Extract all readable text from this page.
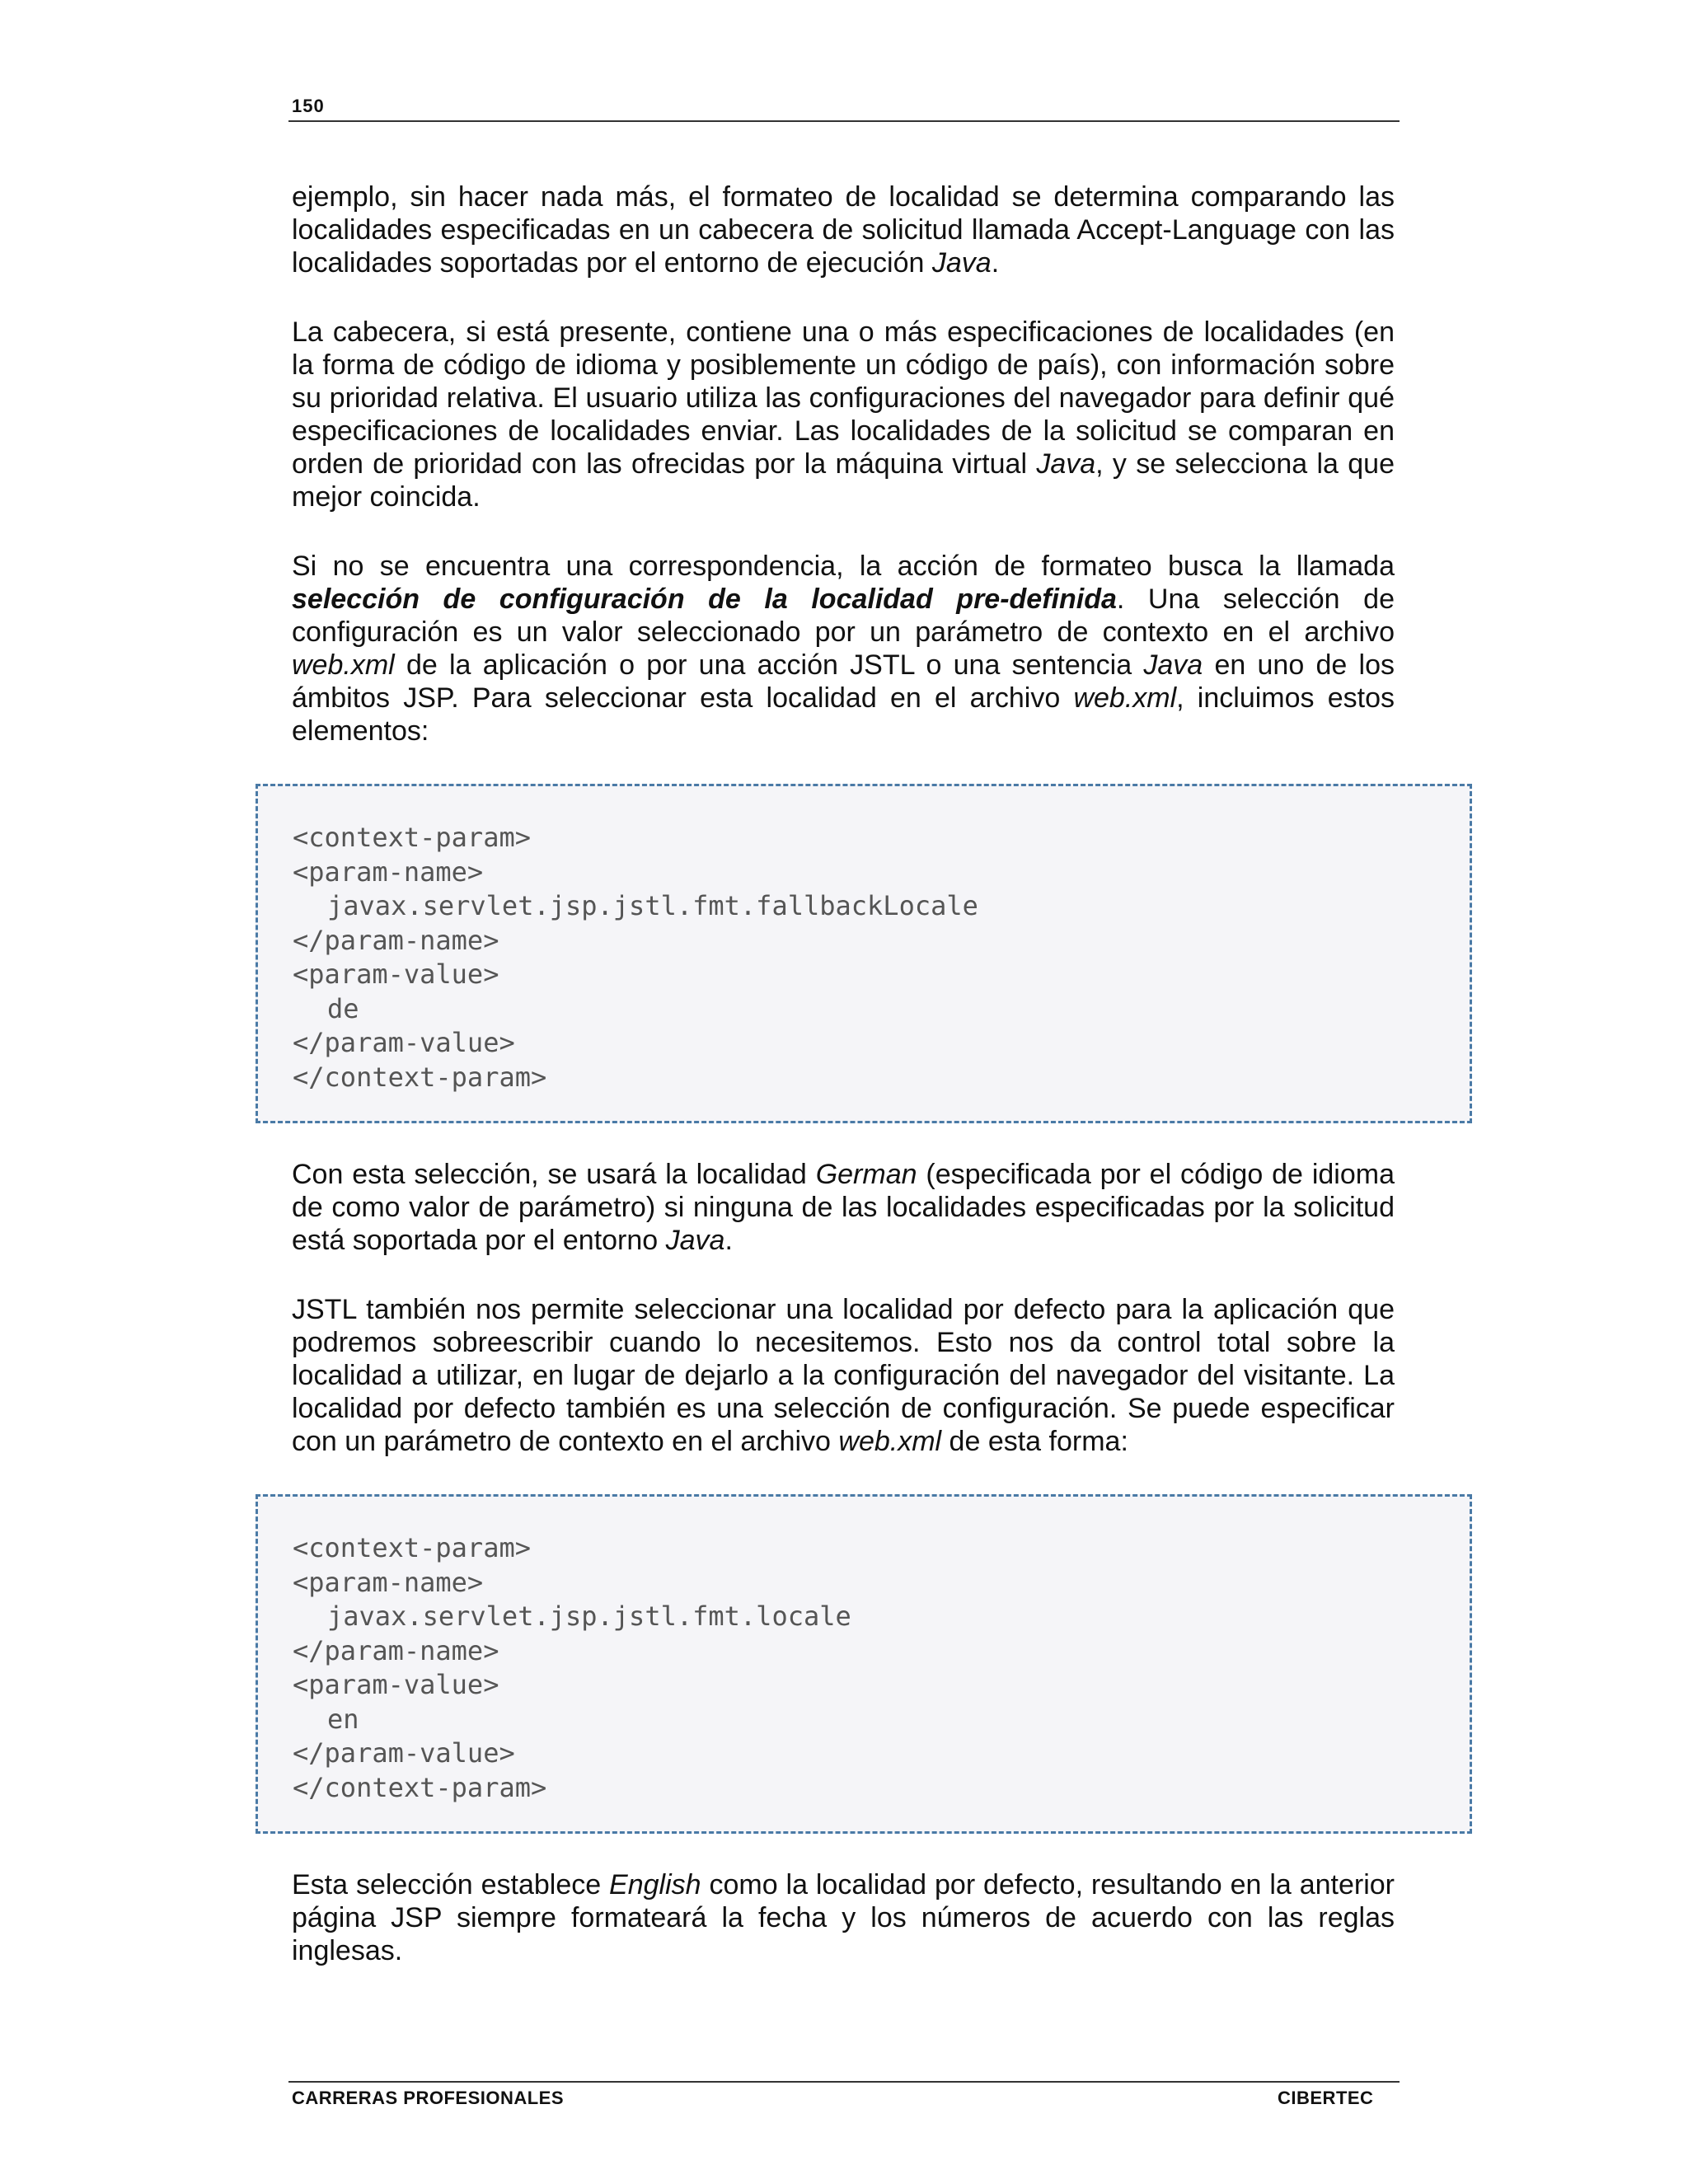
150

ejemplo, sin hacer nada más, el formateo de localidad se determina comparando las localidades especificadas en un cabecera de solicitud llamada Accept-Language con las localidades soportadas por el entorno de ejecución Java.

La cabecera, si está presente, contiene una o más especificaciones de localidades (en la forma de código de idioma y posiblemente un código de país), con información sobre su prioridad relativa. El usuario utiliza las configuraciones del navegador para definir qué especificaciones de localidades enviar. Las localidades de la solicitud se comparan en orden de prioridad con las ofrecidas por la máquina virtual Java, y se selecciona la que mejor coincida.

Si no se encuentra una correspondencia, la acción de formateo busca la llamada selección de configuración de la localidad pre-definida. Una selección de configuración es un valor seleccionado por un parámetro de contexto en el archivo web.xml de la aplicación o por una acción JSTL o una sentencia Java en uno de los ámbitos JSP. Para seleccionar esta localidad en el archivo web.xml, incluimos estos elementos:

<context-param>
<param-name>
javax.servlet.jsp.jstl.fmt.fallbackLocale
</param-name>
<param-value>
de
</param-value>
</context-param>

Con esta selección, se usará la localidad German (especificada por el código de idioma de como valor de parámetro) si ninguna de las localidades especificadas por la solicitud está soportada por el entorno Java.

JSTL también nos permite seleccionar una localidad por defecto para la aplicación que podremos sobreescribir cuando lo necesitemos. Esto nos da control total sobre la localidad a utilizar, en lugar de dejarlo a la configuración del navegador del visitante. La localidad por defecto también es una selección de configuración. Se puede especificar con un parámetro de contexto en el archivo web.xml de esta forma:

<context-param>
<param-name>
javax.servlet.jsp.jstl.fmt.locale
</param-name>
<param-value>
en
</param-value>
</context-param>

Esta selección establece English como la localidad por defecto, resultando en la anterior página JSP siempre formateará la fecha y los números de acuerdo con las reglas inglesas.

CARRERAS PROFESIONALES	CIBERTEC
